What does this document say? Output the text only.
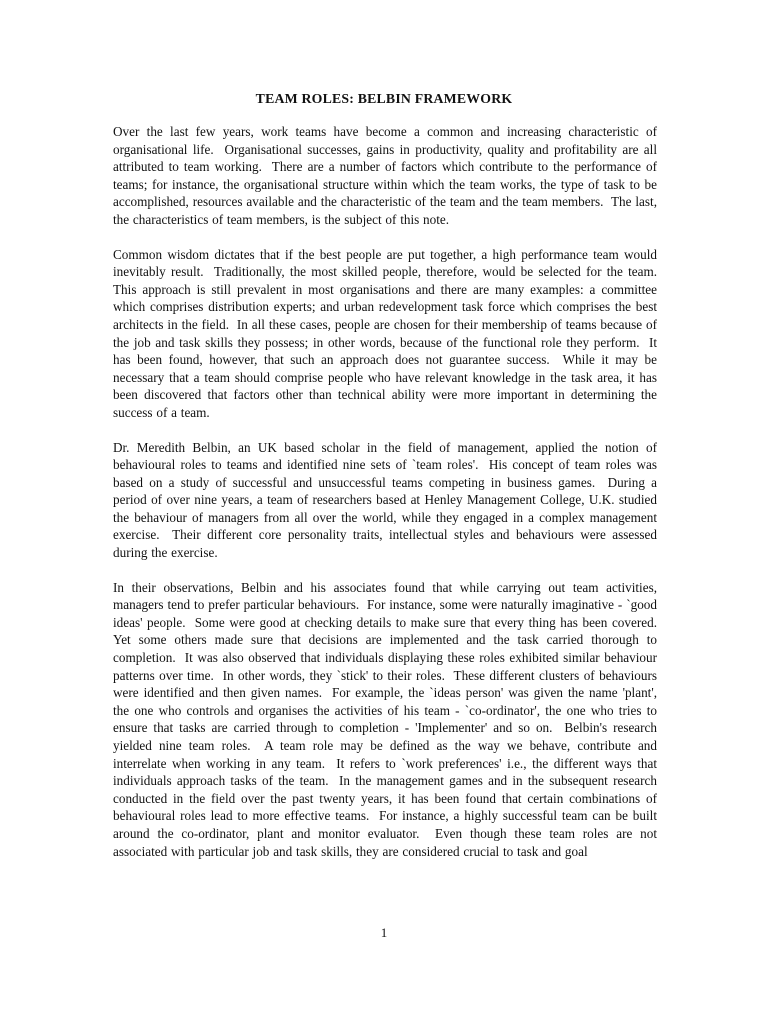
TEAM ROLES: BELBIN FRAMEWORK

Over the last few years, work teams have become a common and increasing characteristic of organisational life.  Organisational successes, gains in productivity, quality and profitability are all attributed to team working.  There are a number of factors which contribute to the performance of teams; for instance, the organisational structure within which the team works, the type of task to be accomplished, resources available and the characteristic of the team and the team members.  The last, the characteristics of team members, is the subject of this note.

Common wisdom dictates that if the best people are put together, a high performance team would inevitably result.  Traditionally, the most skilled people, therefore, would be selected for the team.  This approach is still prevalent in most organisations and there are many examples: a committee which comprises distribution experts; and urban redevelopment task force which comprises the best architects in the field.  In all these cases, people are chosen for their membership of teams because of the job and task skills they possess; in other words, because of the functional role they perform.  It has been found, however, that such an approach does not guarantee success.  While it may be necessary that a team should comprise people who have relevant knowledge in the task area, it has been discovered that factors other than technical ability were more important in determining the success of a team.

Dr. Meredith Belbin, an UK based scholar in the field of management, applied the notion of behavioural roles to teams and identified nine sets of `team roles'.  His concept of team roles was based on a study of successful and unsuccessful teams competing in business games.  During a period of over nine years, a team of researchers based at Henley Management College, U.K. studied the behaviour of managers from all over the world, while they engaged in a complex management exercise.  Their different core personality traits, intellectual styles and behaviours were assessed during the exercise.

In their observations, Belbin and his associates found that while carrying out team activities, managers tend to prefer particular behaviours.  For instance, some were naturally imaginative - `good ideas' people.  Some were good at checking details to make sure that every thing has been covered.  Yet some others made sure that decisions are implemented and the task carried thorough to completion.  It was also observed that individuals displaying these roles exhibited similar behaviour patterns over time.  In other words, they `stick' to their roles.  These different clusters of behaviours were identified and then given names.  For example, the `ideas person' was given the name 'plant', the one who controls and organises the activities of his team - `co-ordinator', the one who tries to ensure that tasks are carried through to completion - 'Implementer' and so on.  Belbin's research yielded nine team roles.  A team role may be defined as the way we behave, contribute and interrelate when working in any team.  It refers to `work preferences' i.e., the different ways that individuals approach tasks of the team.  In the management games and in the subsequent research conducted in the field over the past twenty years, it has been found that certain combinations of behavioural roles lead to more effective teams.  For instance, a highly successful team can be built around the co-ordinator, plant and monitor evaluator.  Even though these team roles are not associated with particular job and task skills, they are considered crucial to task and goal

1
